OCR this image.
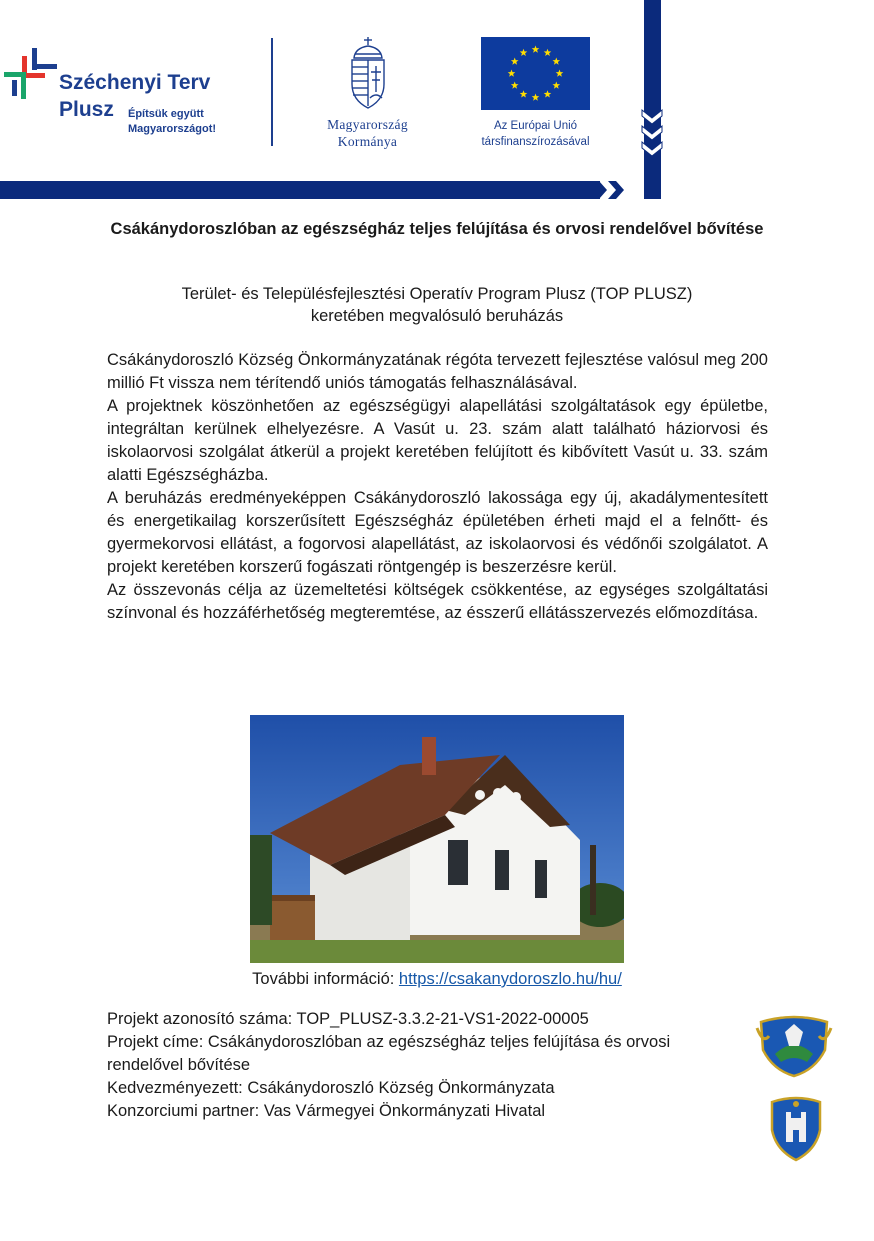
Széchenyi Terv
Plusz Építsük együtt
Magyarországot!	Magyarország
Kormánya
Az Európai Unió
társfinanszírozásával
Csákánydoroszlóban az egészségház teljes felújítása és orvosi rendelővel bővítése
Terület- és Településfejlesztési Operatív Program Plusz (TOP PLUSZ)
keretében megvalósuló beruházás

Csákánydoroszló Község Önkormányzatának régóta tervezett fejlesztése valósul meg 200 millió Ft vissza nem térítendő uniós támogatás felhasználásával.

A projektnek köszönhetően az egészségügyi alapellátási szolgáltatások egy épületbe, integráltan kerülnek elhelyezésre. A Vasút u. 23. szám alatt található háziorvosi és iskolaorvosi szolgálat átkerül a projekt keretében felújított és kibővített Vasút u. 33. szám alatti Egészségházba.

A beruházás eredményeképpen Csákánydoroszló lakossága egy új, akadálymentesített és energetikailag korszerűsített Egészségház épületében érheti majd el a felnőtt- és gyermekorvosi ellátást, a fogorvosi alapellátást, az iskolaorvosi és védőnői szolgálatot. A projekt keretében korszerű fogászati röntgengép is beszerzésre kerül.

Az összevonás célja az üzemeltetési költségek csökkentése, az egységes szolgáltatási színvonal és hozzáférhetőség megteremtése, az ésszerű ellátásszervezés előmozdítása.

További információ: https://csakanydoroszlo.hu/hu/
Projekt azonosító száma: TOP_PLUSZ-3.3.2-21-VS1-2022-00005
Projekt címe: Csákánydoroszlóban az egészségház teljes felújítása és orvosi rendelővel bővítése
Kedvezményezett: Csákánydoroszló Község Önkormányzata
Konzorciumi partner: Vas Vármegyei Önkormányzati Hivatal
